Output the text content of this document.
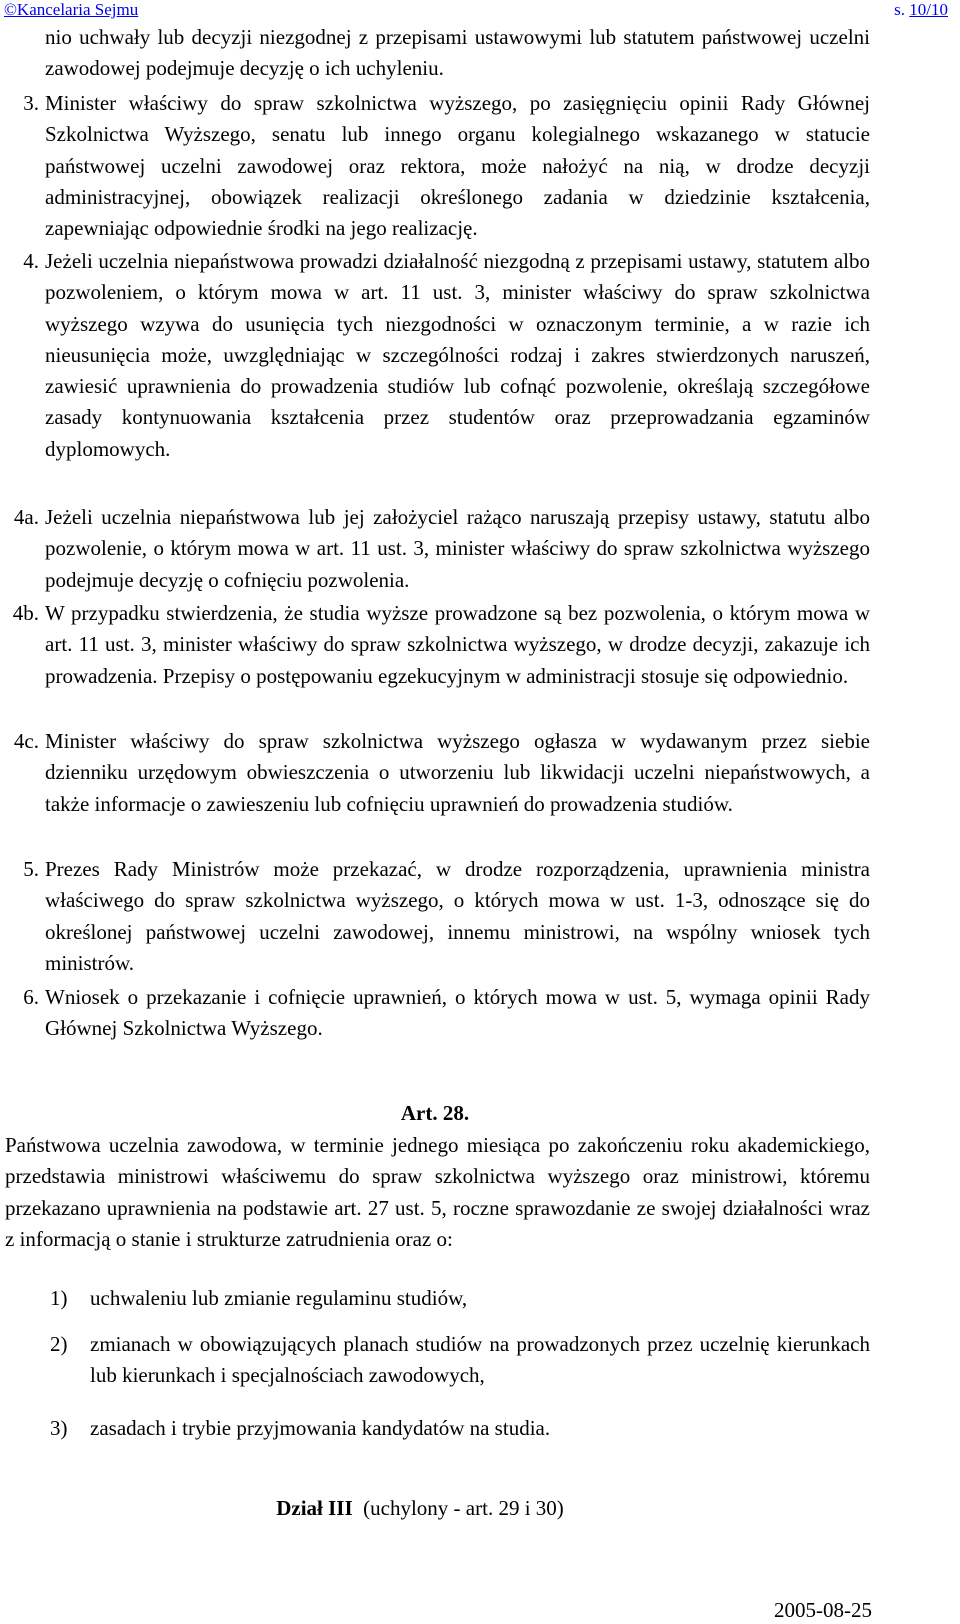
©Kancelaria Sejmu	s. 10/10
nio uchwały lub decyzji niezgodnej z przepisami ustawowymi lub statutem państwowej uczelni zawodowej podejmuje decyzję o ich uchyleniu.
3. Minister właściwy do spraw szkolnictwa wyższego, po zasięgnięciu opinii Rady Głównej Szkolnictwa Wyższego, senatu lub innego organu kolegialnego wskazanego w statucie państwowej uczelni zawodowej oraz rektora, może nałożyć na nią, w drodze decyzji administracyjnej, obowiązek realizacji określonego zadania w dziedzinie kształcenia, zapewniając odpowiednie środki na jego realizację.
4. Jeżeli uczelnia niepaństwowa prowadzi działalność niezgodną z przepisami ustawy, statutem albo pozwoleniem, o którym mowa w art. 11 ust. 3, minister właściwy do spraw szkolnictwa wyższego wzywa do usunięcia tych niezgodności w oznaczonym terminie, a w razie ich nieusunięcia może, uwzględniając w szczególności rodzaj i zakres stwierdzonych naruszeń, zawiesić uprawnienia do prowadzenia studiów lub cofnąć pozwolenie, określają szczegółowe zasady kontynuowania kształcenia przez studentów oraz przeprowadzania egzaminów dyplomowych.
4a. Jeżeli uczelnia niepaństwowa lub jej założyciel rażąco naruszają przepisy ustawy, statutu albo pozwolenie, o którym mowa w art. 11 ust. 3, minister właściwy do spraw szkolnictwa wyższego podejmuje decyzję o cofnięciu pozwolenia.
4b. W przypadku stwierdzenia, że studia wyższe prowadzone są bez pozwolenia, o którym mowa w art. 11 ust. 3, minister właściwy do spraw szkolnictwa wyższego, w drodze decyzji, zakazuje ich prowadzenia. Przepisy o postępowaniu egzekucyjnym w administracji stosuje się odpowiednio.
4c. Minister właściwy do spraw szkolnictwa wyższego ogłasza w wydawanym przez siebie dzienniku urzędowym obwieszczenia o utworzeniu lub likwidacji uczelni niepaństwowych, a także informacje o zawieszeniu lub cofnięciu uprawnień do prowadzenia studiów.
5. Prezes Rady Ministrów może przekazać, w drodze rozporządzenia, uprawnienia ministra właściwego do spraw szkolnictwa wyższego, o których mowa w ust. 1-3, odnoszące się do określonej państwowej uczelni zawodowej, innemu ministrowi, na wspólny wniosek tych ministrów.
6. Wniosek o przekazanie i cofnięcie uprawnień, o których mowa w ust. 5, wymaga opinii Rady Głównej Szkolnictwa Wyższego.
Art. 28.
Państwowa uczelnia zawodowa, w terminie jednego miesiąca po zakończeniu roku akademickiego, przedstawia ministrowi właściwemu do spraw szkolnictwa wyższego oraz ministrowi, któremu przekazano uprawnienia na podstawie art. 27 ust. 5, roczne sprawozdanie ze swojej działalności wraz z informacją o stanie i strukturze zatrudnienia oraz o:
1)	uchwaleniu lub zmianie regulaminu studiów,
2)	zmianach w obowiązujących planach studiów na prowadzonych przez uczelnię kierunkach lub kierunkach i specjalnościach zawodowych,
3)	zasadach i trybie przyjmowania kandydatów na studia.
Dział III (uchylony - art. 29 i 30)
2005-08-25
